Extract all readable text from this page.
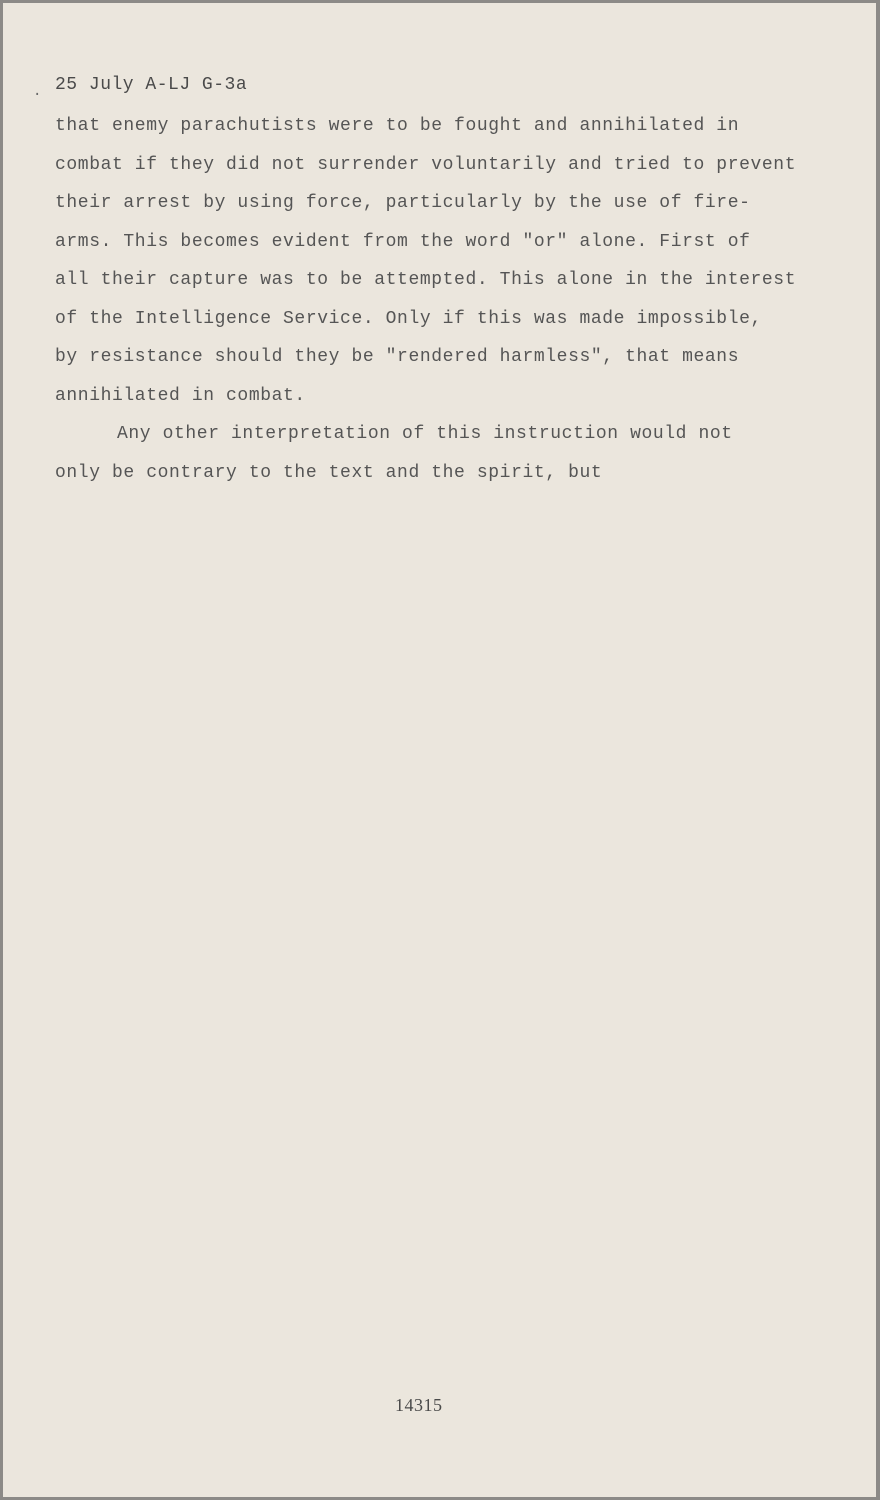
. 25 July A-LJ G-3a
that enemy parachutists were to be fought and annihilated in
combat if they did not surrender voluntarily and tried to prevent
their arrest by using force, particularly by the use of fire-
arms. This becomes evident from the word "or" alone. First of
all their capture was to be attempted. This alone in the interest
of the Intelligence Service. Only if this was made impossible,
by resistance should they be "rendered harmless", that means
annihilated in combat.
Any other interpretation of this instruction would not
only be contrary to the text and the spirit, but
14315
